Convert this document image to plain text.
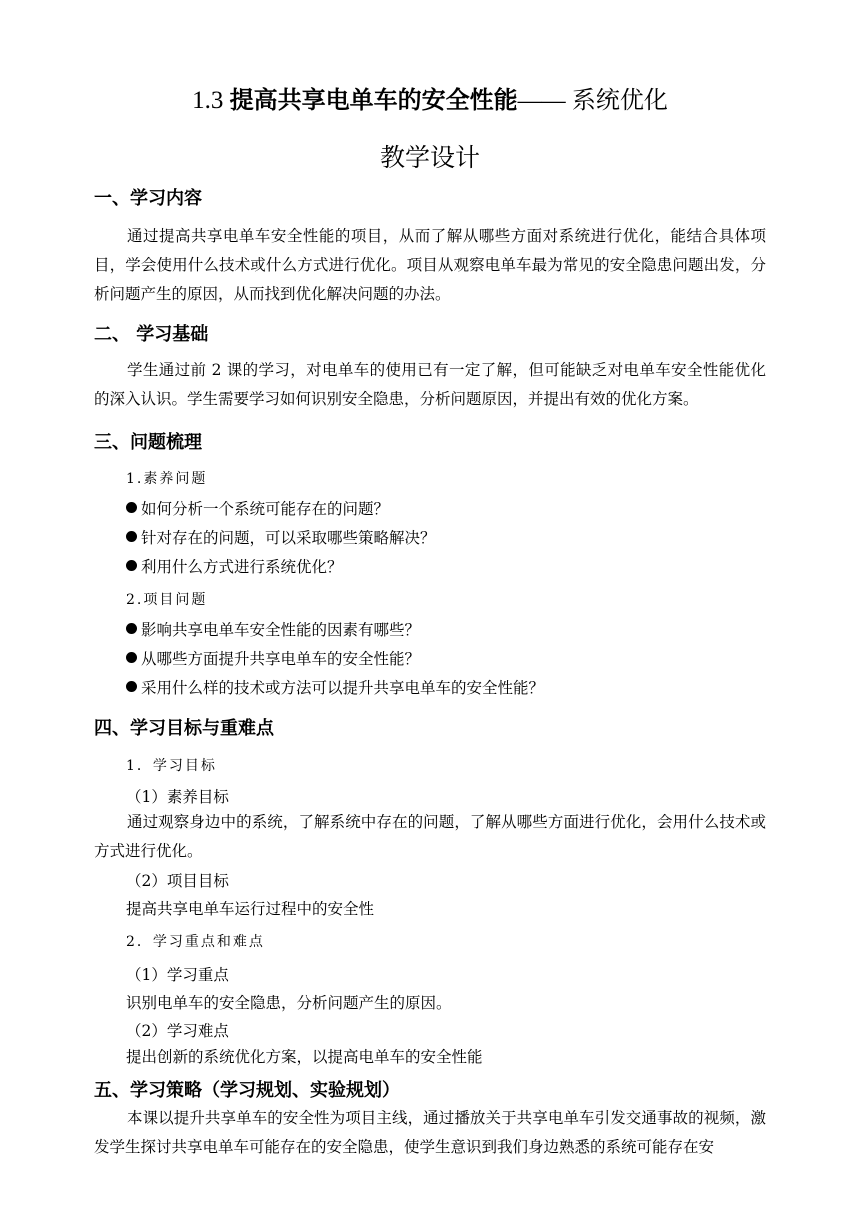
1.3 提高共享电单车的安全性能—— 系统优化
教学设计
一、学习内容
通过提高共享电单车安全性能的项目，从而了解从哪些方面对系统进行优化，能结合具体项目，学会使用什么技术或什么方式进行优化。项目从观察电单车最为常见的安全隐患问题出发，分析问题产生的原因，从而找到优化解决问题的办法。
二、 学习基础
学生通过前 2 课的学习，对电单车的使用已有一定了解，但可能缺乏对电单车安全性能优化的深入认识。学生需要学习如何识别安全隐患，分析问题原因，并提出有效的优化方案。
三、问题梳理
1.素养问题
如何分析一个系统可能存在的问题？
针对存在的问题，可以采取哪些策略解决？
利用什么方式进行系统优化？
2.项目问题
影响共享电单车安全性能的因素有哪些？
从哪些方面提升共享电单车的安全性能？
采用什么样的技术或方法可以提升共享电单车的安全性能？
四、学习目标与重难点
1．学习目标
（1）素养目标
通过观察身边中的系统，了解系统中存在的问题，了解从哪些方面进行优化，会用什么技术或方式进行优化。
（2）项目目标
提高共享电单车运行过程中的安全性
2．学习重点和难点
（1）学习重点
识别电单车的安全隐患，分析问题产生的原因。
（2）学习难点
提出创新的系统优化方案，以提高电单车的安全性能
五、学习策略（学习规划、实验规划）
本课以提升共享单车的安全性为项目主线，通过播放关于共享电单车引发交通事故的视频，激发学生探讨共享电单车可能存在的安全隐患，使学生意识到我们身边熟悉的系统可能存在安
